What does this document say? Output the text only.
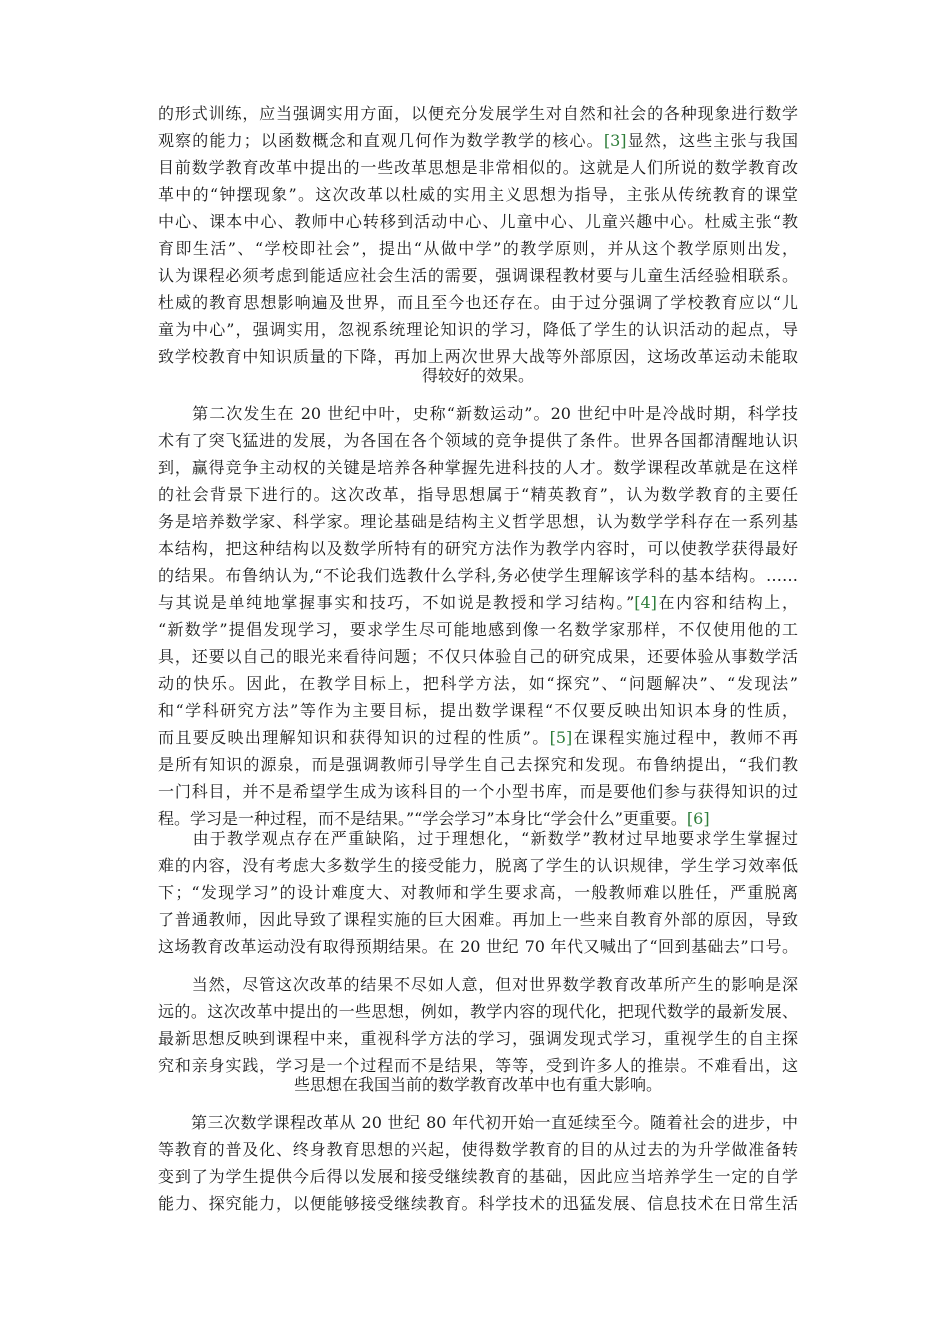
的形式训练，应当强调实用方面，以便充分发展学生对自然和社会的各种现象进行数学
观察的能力；以函数概念和直观几何作为数学教学的核心。[3]显然，这些主张与我国
目前数学教育改革中提出的一些改革思想是非常相似的。这就是人们所说的数学教育改
革中的“钟摆现象”。这次改革以杜威的实用主义思想为指导，主张从传统教育的课堂
中心、课本中心、教师中心转移到活动中心、儿童中心、儿童兴趣中心。杜威主张“教
育即生活”、“学校即社会”，提出“从做中学”的教学原则，并从这个教学原则出发，
认为课程必须考虑到能适应社会生活的需要，强调课程教材要与儿童生活经验相联系。
杜威的教育思想影响遍及世界，而且至今也还存在。由于过分强调了学校教育应以“儿
童为中心”，强调实用，忽视系统理论知识的学习，降低了学生的认识活动的起点，导
致学校教育中知识质量的下降，再加上两次世界大战等外部原因，这场改革运动未能取
得较好的效果。
　　第二次发生在 20 世纪中叶，史称“新数运动”。20 世纪中叶是冷战时期，科学技
术有了突飞猛进的发展，为各国在各个领域的竞争提供了条件。世界各国都清醒地认识
到，赢得竞争主动权的关键是培养各种掌握先进科技的人才。数学课程改革就是在这样
的社会背景下进行的。这次改革，指导思想属于“精英教育”，认为数学教育的主要任
务是培养数学家、科学家。理论基础是结构主义哲学思想，认为数学学科存在一系列基
本结构，把这种结构以及数学所特有的研究方法作为教学内容时，可以使教学获得最好
的结果。布鲁纳认为,“不论我们选教什么学科,务必使学生理解该学科的基本结构。……
与其说是单纯地掌握事实和技巧，不如说是教授和学习结构。”[4]在内容和结构上，
“新数学”提倡发现学习，要求学生尽可能地感到像一名数学家那样，不仅使用他的工
具，还要以自己的眼光来看待问题；不仅只体验自己的研究成果，还要体验从事数学活
动的快乐。因此，在教学目标上，把科学方法，如“探究”、“问题解决”、“发现法”
和“学科研究方法”等作为主要目标，提出数学课程“不仅要反映出知识本身的性质，
而且要反映出理解知识和获得知识的过程的性质”。[5]在课程实施过程中，教师不再
是所有知识的源泉，而是强调教师引导学生自己去探究和发现。布鲁纳提出，“我们教
一门科目，并不是希望学生成为该科目的一个小型书库，而是要他们参与获得知识的过
程。学习是一种过程，而不是结果。”“学会学习”本身比“学会什么”更重要。[6]
　　由于教学观点存在严重缺陷，过于理想化，“新数学”教材过早地要求学生掌握过
难的内容，没有考虑大多数学生的接受能力，脱离了学生的认识规律，学生学习效率低
下；“发现学习”的设计难度大、对教师和学生要求高，一般教师难以胜任，严重脱离
了普通教师，因此导致了课程实施的巨大困难。再加上一些来自教育外部的原因，导致
这场教育改革运动没有取得预期结果。在 20 世纪 70 年代又喊出了“回到基础去”口号。
　　当然，尽管这次改革的结果不尽如人意，但对世界数学教育改革所产生的影响是深
远的。这次改革中提出的一些思想，例如，教学内容的现代化，把现代数学的最新发展、
最新思想反映到课程中来，重视科学方法的学习，强调发现式学习，重视学生的自主探
究和亲身实践，学习是一个过程而不是结果，等等，受到许多人的推崇。不难看出，这
些思想在我国当前的数学教育改革中也有重大影响。
　　第三次数学课程改革从 20 世纪 80 年代初开始一直延续至今。随着社会的进步，中
等教育的普及化、终身教育思想的兴起，使得数学教育的目的从过去的为升学做准备转
变到了为学生提供今后得以发展和接受继续教育的基础，因此应当培养学生一定的自学
能力、探究能力，以便能够接受继续教育。科学技术的迅猛发展、信息技术在日常生活
